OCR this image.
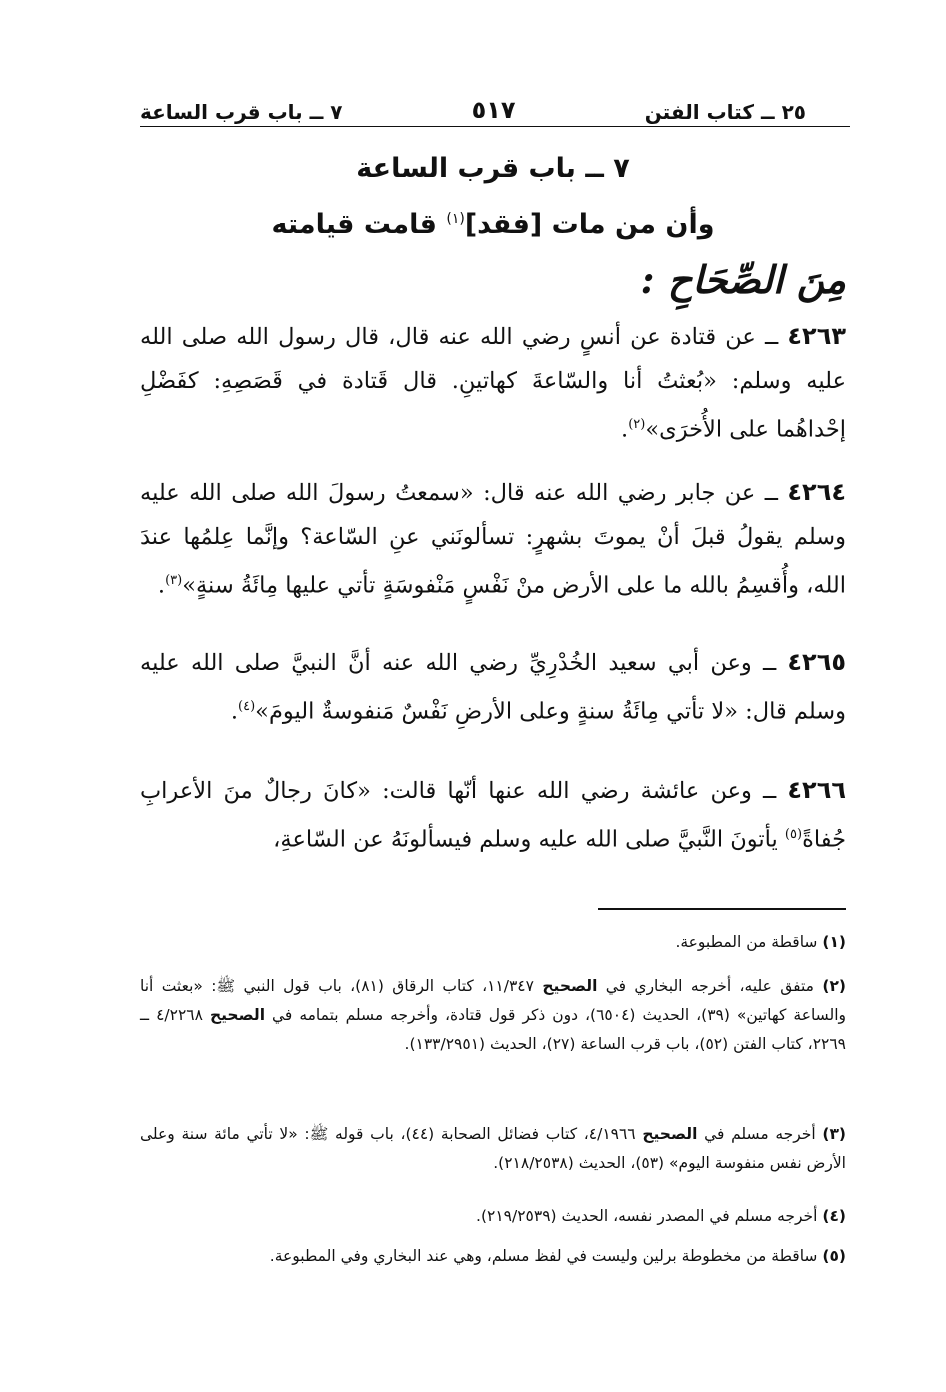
٢٥ ــ كتاب الفتن
٥١٧
٧ ــ باب قرب الساعة
٧ ــ باب قرب الساعة
وأن من مات [فقد]$^{(١)}$ قامت قيامته
مِنَ الصِّحَاحِ :
٤٢٦٣ ــ عن قتادة عن أنسٍ رضي الله عنه قال، قال رسول الله صلى الله عليه وسلم: «بُعثتُ أنا والسّاعةَ كهاتينِ. قال قَتادة في قَصَصِهِ: كفَضْلِ إحْداهُما على الأُخرَى»$^{(٢)}$.
٤٢٦٤ ــ عن جابر رضي الله عنه قال: «سمعتُ رسولَ الله صلى الله عليه وسلم يقولُ قبلَ أنْ يموتَ بشهرٍ: تسألونَني عنِ السّاعة؟ وإنَّما عِلمُها عندَ الله، وأُقسِمُ بالله ما على الأرض منْ نَفْسٍ مَنْفوسَةٍ تأتي عليها مِائَةُ سنةٍ»$^{(٣)}$.
٤٢٦٥ ــ وعن أبي سعيد الخُدْرِيِّ رضي الله عنه أنَّ النبيَّ صلى الله عليه وسلم قال: «لا تأتي مِائَةُ سنةٍ وعلى الأرضِ نَفْسٌ مَنفوسةٌ اليومَ»$^{(٤)}$.
٤٢٦٦ ــ وعن عائشة رضي الله عنها أنّها قالت: «كانَ رجالٌ منَ الأعرابِ جُفاةً$^{(٥)}$ يأتونَ النَّبيَّ صلى الله عليه وسلم فيسألونَهُ عن السّاعةِ،
(١) ساقطة من المطبوعة.
(٢) متفق عليه، أخرجه البخاري في الصحيح ١١/٣٤٧، كتاب الرقاق (٨١)، باب قول النبي ﷺ: «بعثت أنا والساعة كهاتين» (٣٩)، الحديث (٦٥٠٤)، دون ذكر قول قتادة، وأخرجه مسلم بتمامه في الصحيح ٤/٢٢٦٨ ــ ٢٢٦٩، كتاب الفتن (٥٢)، باب قرب الساعة (٢٧)، الحديث (١٣٣/٢٩٥١).
(٣) أخرجه مسلم في الصحيح ٤/١٩٦٦، كتاب فضائل الصحابة (٤٤)، باب قوله ﷺ: «لا تأتي مائة سنة وعلى الأرض نفس منفوسة اليوم» (٥٣)، الحديث (٢١٨/٢٥٣٨).
(٤) أخرجه مسلم في المصدر نفسه، الحديث (٢١٩/٢٥٣٩).
(٥) ساقطة من مخطوطة برلين وليست في لفظ مسلم، وهي عند البخاري وفي المطبوعة.
